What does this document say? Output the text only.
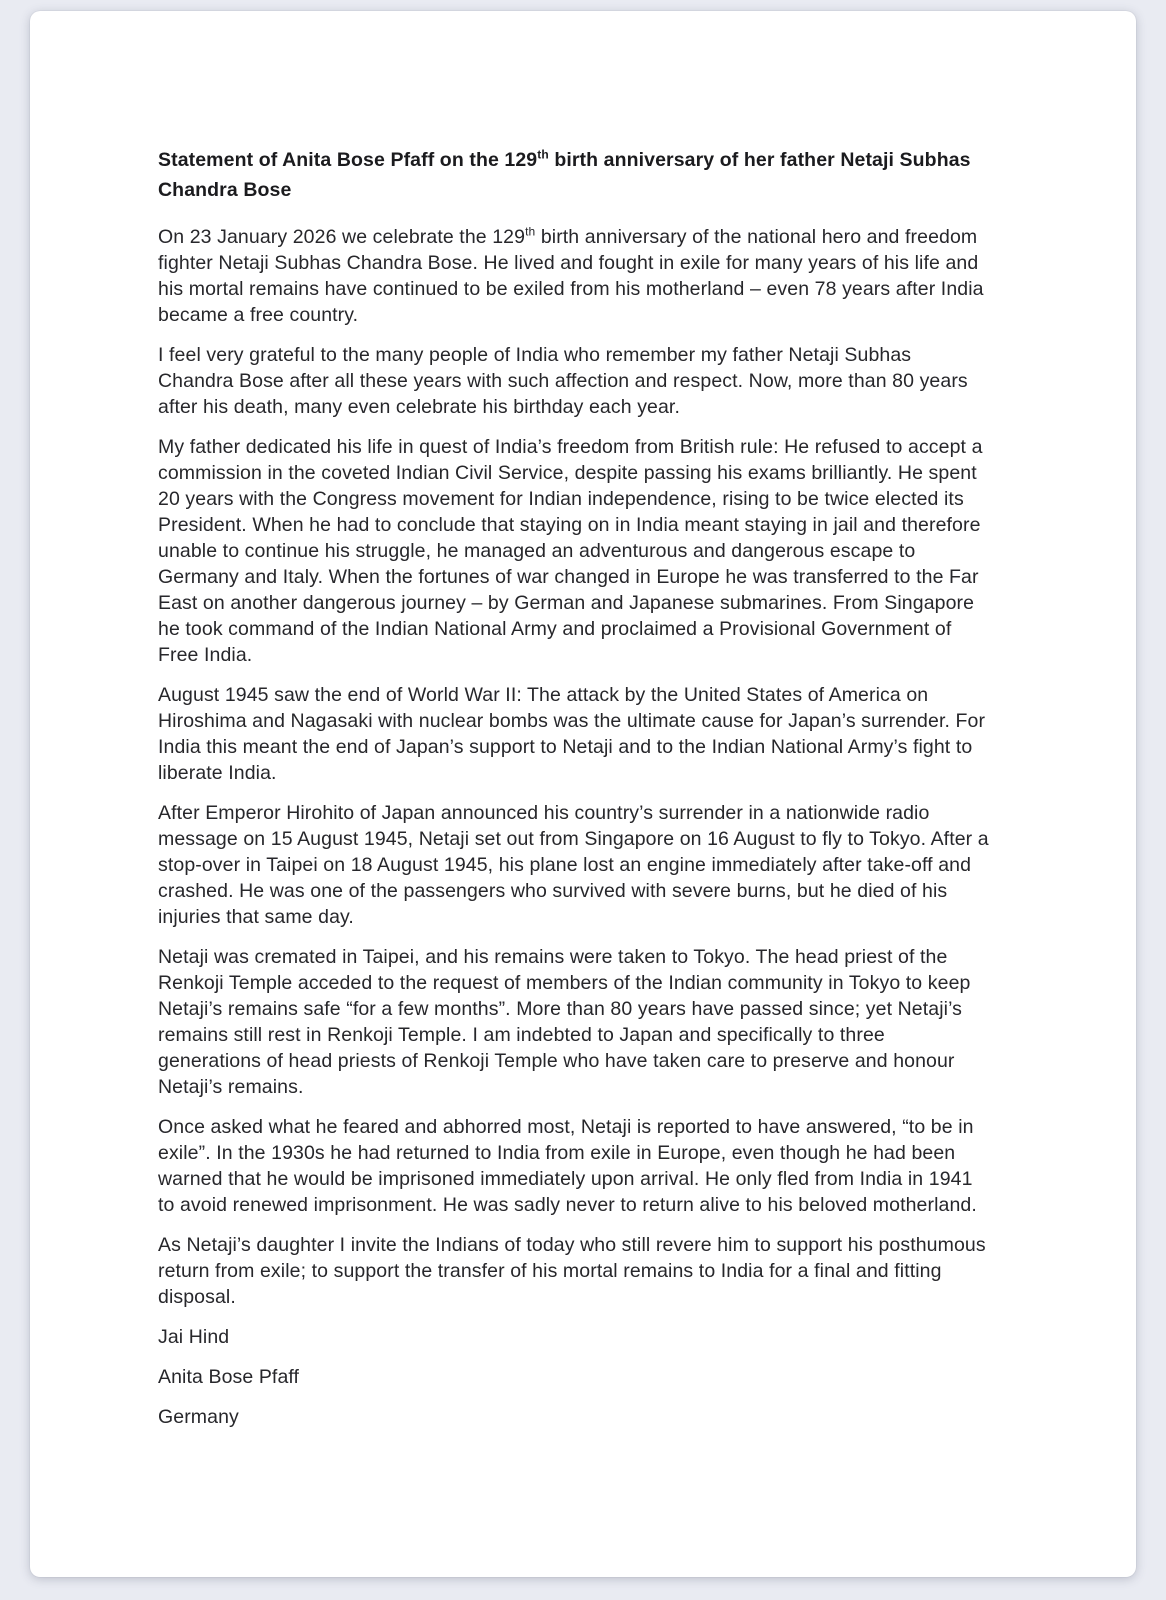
Statement of Anita Bose Pfaff on the 129th birth anniversary of her father Netaji Subhas Chandra Bose

On 23 January 2026 we celebrate the 129th birth anniversary of the national hero and freedom fighter Netaji Subhas Chandra Bose. He lived and fought in exile for many years of his life and his mortal remains have continued to be exiled from his motherland – even 78 years after India became a free country.

I feel very grateful to the many people of India who remember my father Netaji Subhas Chandra Bose after all these years with such affection and respect. Now, more than 80 years after his death, many even celebrate his birthday each year.

My father dedicated his life in quest of India’s freedom from British rule: He refused to accept a commission in the coveted Indian Civil Service, despite passing his exams brilliantly. He spent 20 years with the Congress movement for Indian independence, rising to be twice elected its President. When he had to conclude that staying on in India meant staying in jail and therefore unable to continue his struggle, he managed an adventurous and dangerous escape to Germany and Italy. When the fortunes of war changed in Europe he was transferred to the Far East on another dangerous journey – by German and Japanese submarines. From Singapore he took command of the Indian National Army and proclaimed a Provisional Government of Free India.

August 1945 saw the end of World War II: The attack by the United States of America on Hiroshima and Nagasaki with nuclear bombs was the ultimate cause for Japan’s surrender. For India this meant the end of Japan’s support to Netaji and to the Indian National Army’s fight to liberate India.

After Emperor Hirohito of Japan announced his country’s surrender in a nationwide radio message on 15 August 1945, Netaji set out from Singapore on 16 August to fly to Tokyo. After a stop-over in Taipei on 18 August 1945, his plane lost an engine immediately after take-off and crashed. He was one of the passengers who survived with severe burns, but he died of his injuries that same day.

Netaji was cremated in Taipei, and his remains were taken to Tokyo. The head priest of the Renkoji Temple acceded to the request of members of the Indian community in Tokyo to keep Netaji’s remains safe “for a few months”. More than 80 years have passed since; yet Netaji’s remains still rest in Renkoji Temple. I am indebted to Japan and specifically to three generations of head priests of Renkoji Temple who have taken care to preserve and honour Netaji’s remains.

Once asked what he feared and abhorred most, Netaji is reported to have answered, “to be in exile”. In the 1930s he had returned to India from exile in Europe, even though he had been warned that he would be imprisoned immediately upon arrival. He only fled from India in 1941 to avoid renewed imprisonment. He was sadly never to return alive to his beloved motherland.

As Netaji’s daughter I invite the Indians of today who still revere him to support his posthumous return from exile; to support the transfer of his mortal remains to India for a final and fitting disposal.

Jai Hind

Anita Bose Pfaff

Germany
